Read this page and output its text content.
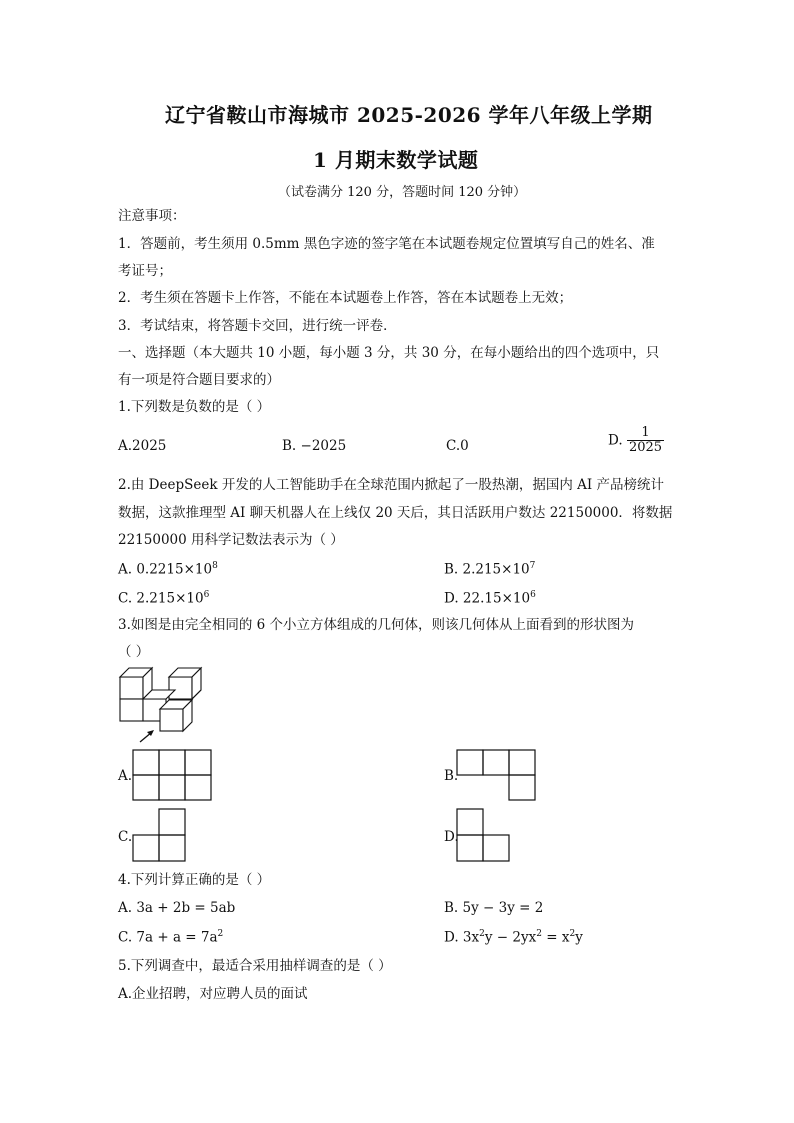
辽宁省鞍山市海城市 2025-2026 学年八年级上学期
1 月期末数学试题
（试卷满分 120 分，答题时间 120 分钟）
注意事项：
1．答题前，考生须用 0.5mm 黑色字迹的签字笔在本试题卷规定位置填写自己的姓名、准
考证号；
2．考生须在答题卡上作答，不能在本试题卷上作答，答在本试题卷上无效；
3．考试结束，将答题卡交回，进行统一评卷．
一、选择题（本大题共 10 小题，每小题 3 分，共 30 分，在每小题给出的四个选项中，只
有一项是符合题目要求的）
1.下列数是负数的是（ ）
A.2025	B. −2025	C.0	D. $\frac{1}{2025}$
2.由 DeepSeek 开发的人工智能助手在全球范围内掀起了一股热潮，据国内 AI 产品榜统计
数据，这款推理型 AI 聊天机器人在上线仅 20 天后，其日活跃用户数达 22150000．将数据
22150000 用科学记数法表示为（ ）
A. $0.2215\times 10^8$	B. $2.215\times 10^7$
C. $2.215\times 10^6$	D. $22.15\times 10^6$
3.如图是由完全相同的 6 个小立方体组成的几何体，则该几何体从上面看到的形状图为
（ ）
A.	B.
C.	D.
4.下列计算正确的是（ ）
A. 3a + 2b = 5ab	B. 5y − 3y = 2
C. $7a + a = 7a^2$	D. $3x^2y - 2yx^2 = x^2y$
5.下列调查中，最适合采用抽样调查的是（ ）
A.企业招聘，对应聘人员的面试
